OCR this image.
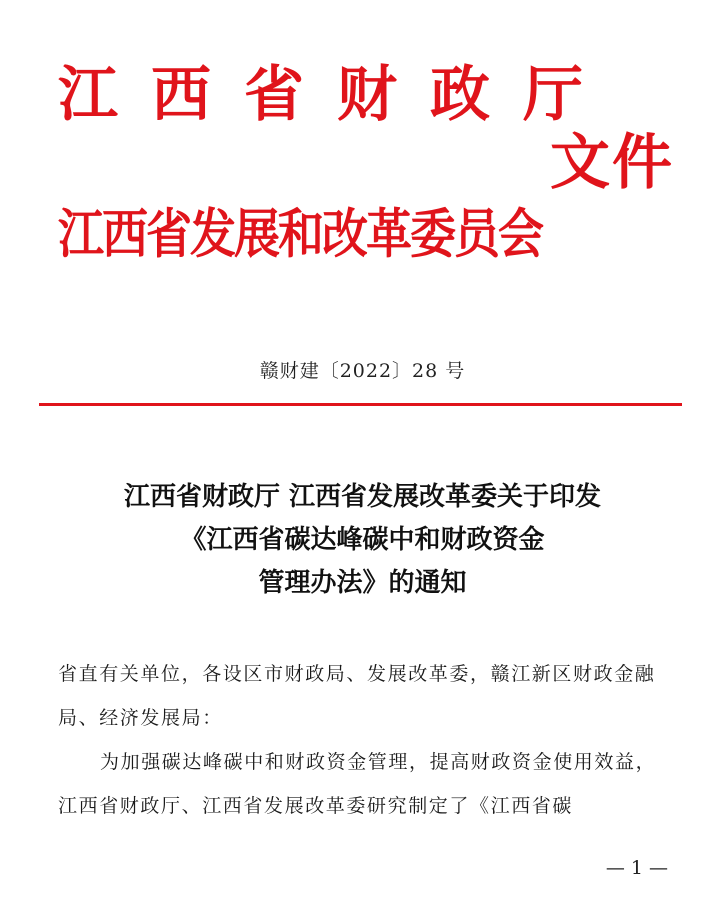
江西省财政厅
文件
江西省发展和改革委员会
赣财建〔2022〕28 号
江西省财政厅 江西省发展改革委关于印发
《江西省碳达峰碳中和财政资金
管理办法》的通知

省直有关单位，各设区市财政局、发展改革委，赣江新区财政金融局、经济发展局：

为加强碳达峰碳中和财政资金管理，提高财政资金使用效益，江西省财政厅、江西省发展改革委研究制定了《江西省碳

— 1 —
